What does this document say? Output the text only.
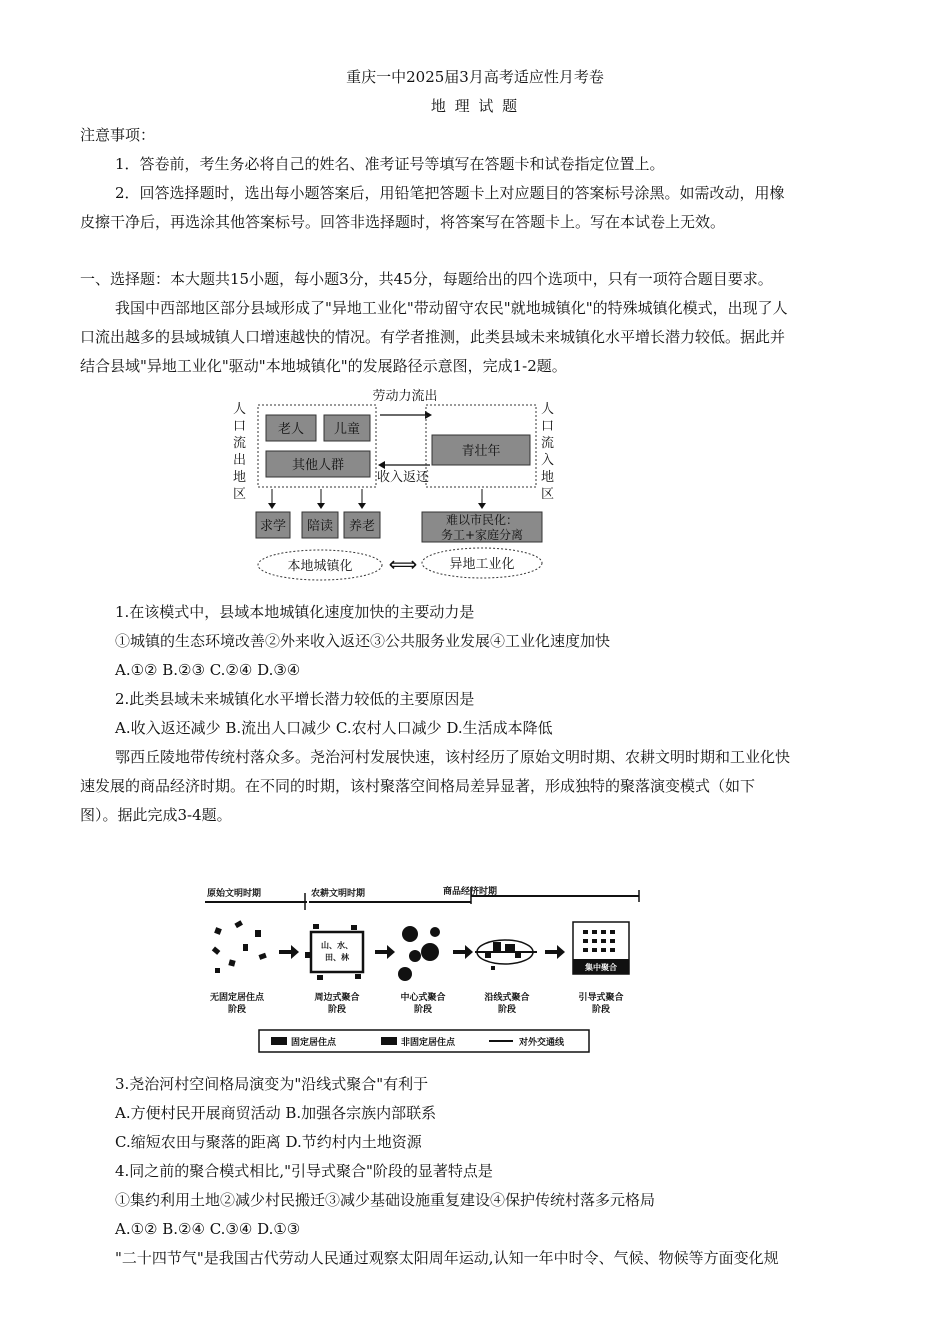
重庆一中2025届3月高考适应性月考卷
地 理 试 题
注意事项：
1．答卷前，考生务必将自己的姓名、准考证号等填写在答题卡和试卷指定位置上。
2．回答选择题时，选出每小题答案后，用铅笔把答题卡上对应题目的答案标号涂黑。如需改动，用橡
皮擦干净后，再选涂其他答案标号。回答非选择题时，将答案写在答题卡上。写在本试卷上无效。
一、选择题：本大题共15小题，每小题3分，共45分，每题给出的四个选项中，只有一项符合题目要求。
我国中西部地区部分县域形成了"异地工业化"带动留守农民"就地城镇化"的特殊城镇化模式，出现了人
口流出越多的县域城镇人口增速越快的情况。有学者推测，此类县域未来城镇化水平增长潜力较低。据此并
结合县域"异地工业化"驱动"本地城镇化"的发展路径示意图，完成1-2题。
人
口
流
出
地
区
人
口
流
入
地
区
老人 儿童
其他人群
劳动力流出
收入返还
青壮年
求学 陪读 养老	难以市民化：
务工+家庭分离
本地城镇化 ⟺ 异地工业化
1.在该模式中，县域本地城镇化速度加快的主要动力是
①城镇的生态环境改善②外来收入返还③公共服务业发展④工业化速度加快
A.①② B.②③ C.②④ D.③④
2.此类县域未来城镇化水平增长潜力较低的主要原因是
A.收入返还减少 B.流出人口减少 C.农村人口减少 D.生活成本降低
鄂西丘陵地带传统村落众多。尧治河村发展快速，该村经历了原始文明时期、农耕文明时期和工业化快
速发展的商品经济时期。在不同的时期，该村聚落空间格局差异显著，形成独特的聚落演变模式（如下
图）。据此完成3-4题。
原始文明时期	农耕文明时期	商品经济时期
山、水、
田、林
集中聚合
无固定居住点
阶段
周边式聚合
阶段
中心式聚合
阶段
沿线式聚合
阶段
引导式聚合
阶段
固定居住点	非固定居住点	对外交通线
3.尧治河村空间格局演变为"沿线式聚合"有利于
A.方便村民开展商贸活动 B.加强各宗族内部联系
C.缩短农田与聚落的距离 D.节约村内土地资源
4.同之前的聚合模式相比,"引导式聚合"阶段的显著特点是
①集约利用土地②减少村民搬迁③减少基础设施重复建设④保护传统村落多元格局
A.①② B.②④ C.③④ D.①③
"二十四节气"是我国古代劳动人民通过观察太阳周年运动,认知一年中时令、气候、物候等方面变化规
